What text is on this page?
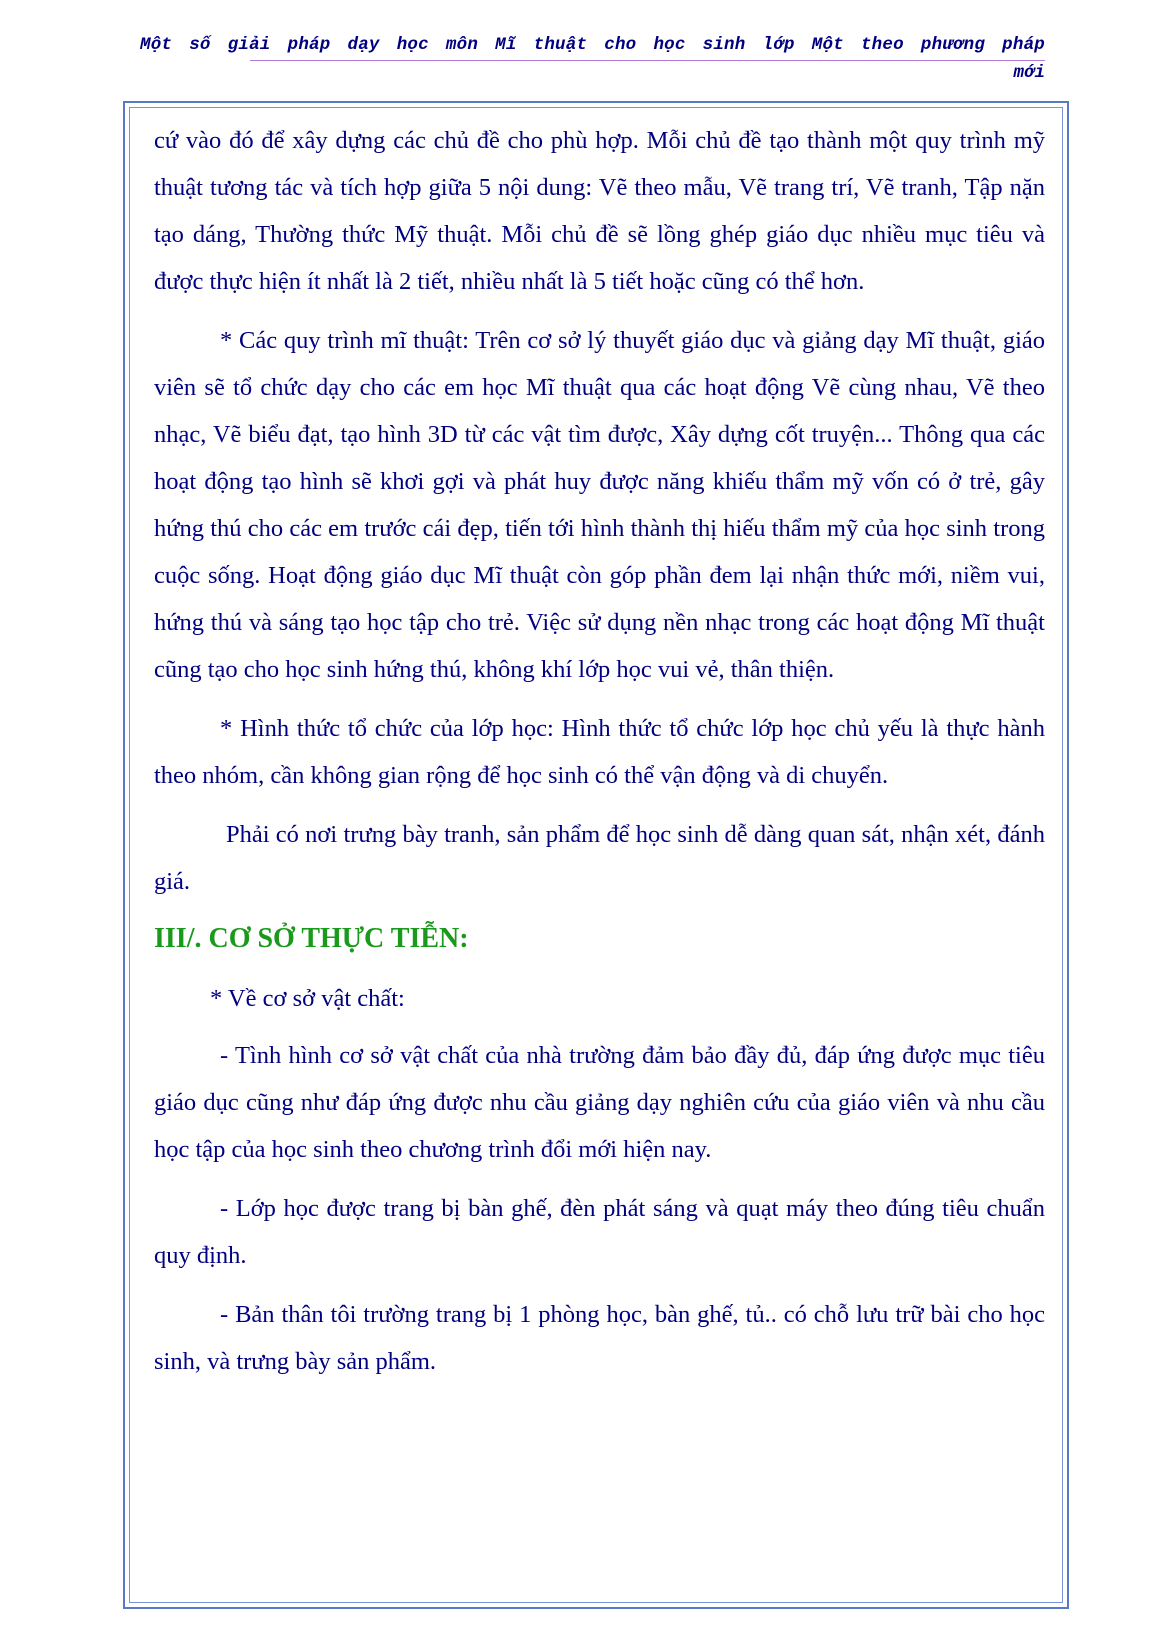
Một số giải pháp dạy học môn Mĩ thuật cho học sinh lớp Một theo phương pháp
mới

cứ vào đó để xây dựng các chủ đề cho phù hợp. Mỗi chủ đề tạo thành một quy trình mỹ thuật tương tác và tích hợp giữa 5 nội dung: Vẽ theo mẫu, Vẽ trang trí, Vẽ tranh, Tập nặn tạo dáng, Thường thức Mỹ thuật. Mỗi chủ đề sẽ lồng ghép giáo dục nhiều mục tiêu và được thực hiện ít nhất là 2 tiết, nhiều nhất là 5 tiết hoặc cũng có thể hơn.

* Các quy trình mĩ thuật: Trên cơ sở lý thuyết giáo dục và giảng dạy Mĩ thuật, giáo viên sẽ tổ chức dạy cho các em học Mĩ thuật qua các hoạt động Vẽ cùng nhau, Vẽ theo nhạc, Vẽ biểu đạt, tạo hình 3D từ các vật tìm được, Xây dựng cốt truyện... Thông qua các hoạt động tạo hình sẽ khơi gợi và phát huy được năng khiếu thẩm mỹ vốn có ở trẻ, gây hứng thú cho các em trước cái đẹp, tiến tới hình thành thị hiếu thẩm mỹ của học sinh trong cuộc sống. Hoạt động giáo dục Mĩ thuật còn góp phần đem lại nhận thức mới, niềm vui, hứng thú và sáng tạo học tập cho trẻ. Việc sử dụng nền nhạc trong các hoạt động Mĩ thuật cũng tạo cho học sinh hứng thú, không khí lớp học vui vẻ, thân thiện.

* Hình thức tổ chức của lớp học: Hình thức tổ chức lớp học chủ yếu là thực hành theo nhóm, cần không gian rộng để học sinh có thể vận động và di chuyển.

Phải có nơi trưng bày tranh, sản phẩm để học sinh dễ dàng quan sát, nhận xét, đánh giá.

III/. CƠ SỞ THỰC TIỄN:

* Về cơ sở vật chất:

- Tình hình cơ sở vật chất của nhà trường đảm bảo đầy đủ, đáp ứng được mục tiêu giáo dục cũng như đáp ứng được nhu cầu giảng dạy nghiên cứu của giáo viên và nhu cầu học tập của học sinh theo chương trình đổi mới hiện nay.

- Lớp học được trang bị bàn ghế, đèn phát sáng và quạt máy theo đúng tiêu chuẩn quy định.

- Bản thân tôi trường trang bị 1 phòng học, bàn ghế, tủ.. có chỗ lưu trữ bài cho học sinh, và trưng bày sản phẩm.
